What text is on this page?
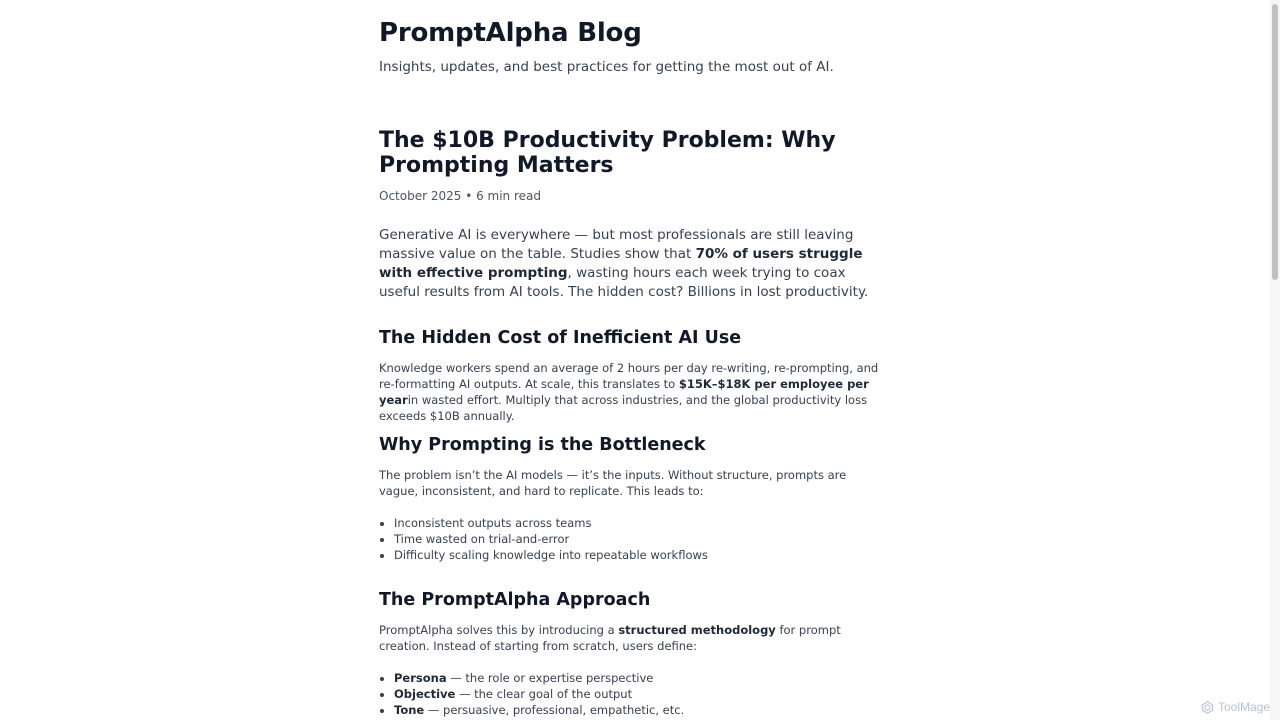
PromptAlpha Blog

Insights, updates, and best practices for getting the most out of AI.

The $10B Productivity Problem: Why Prompting Matters

October 2025 • 6 min read

Generative AI is everywhere — but most professionals are still leaving massive value on the table. Studies show that 70% of users struggle with effective prompting, wasting hours each week trying to coax useful results from AI tools. The hidden cost? Billions in lost productivity.

The Hidden Cost of Inefficient AI Use

Knowledge workers spend an average of 2 hours per day re-writing, re-prompting, and re-formatting AI outputs. At scale, this translates to $15K–$18K per employee per yearin wasted effort. Multiply that across industries, and the global productivity loss exceeds $10B annually.

Why Prompting is the Bottleneck

The problem isn’t the AI models — it’s the inputs. Without structure, prompts are vague, inconsistent, and hard to replicate. This leads to:

• Inconsistent outputs across teams
• Time wasted on trial-and-error
• Difficulty scaling knowledge into repeatable workflows
The PromptAlpha Approach

PromptAlpha solves this by introducing a structured methodology for prompt creation. Instead of starting from scratch, users define:

• Persona — the role or expertise perspective
• Objective — the clear goal of the output
• Tone — persuasive, professional, empathetic, etc.	ToolMage
